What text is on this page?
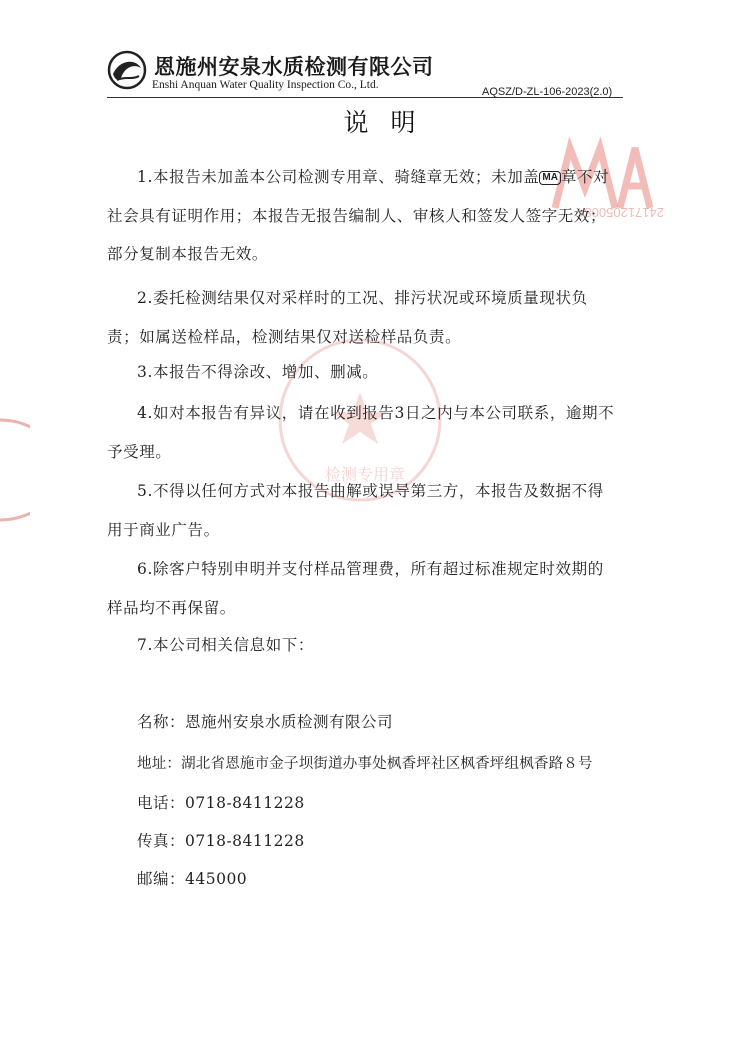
241712050084
检测专用章
恩施州安泉水质检测有限公司
Enshi Anquan Water Quality Inspection Co., Ltd.
AQSZ/D-ZL-106-2023(2.0)
说明
1.本报告未加盖本公司检测专用章、骑缝章无效；未加盖 MA 章不对社会具有证明作用；本报告无报告编制人、审核人和签发人签字无效；部分复制本报告无效。
2.委托检测结果仅对采样时的工况、排污状况或环境质量现状负责；如属送检样品，检测结果仅对送检样品负责。
3.本报告不得涂改、增加、删减。
4.如对本报告有异议，请在收到报告3日之内与本公司联系，逾期不予受理。
5.不得以任何方式对本报告曲解或误导第三方，本报告及数据不得用于商业广告。
6.除客户特别申明并支付样品管理费，所有超过标准规定时效期的样品均不再保留。
7.本公司相关信息如下：
名称：恩施州安泉水质检测有限公司
地址：湖北省恩施市金子坝街道办事处枫香坪社区枫香坪组枫香路８号
电话：0718-8411228
传真：0718-8411228
邮编：445000
